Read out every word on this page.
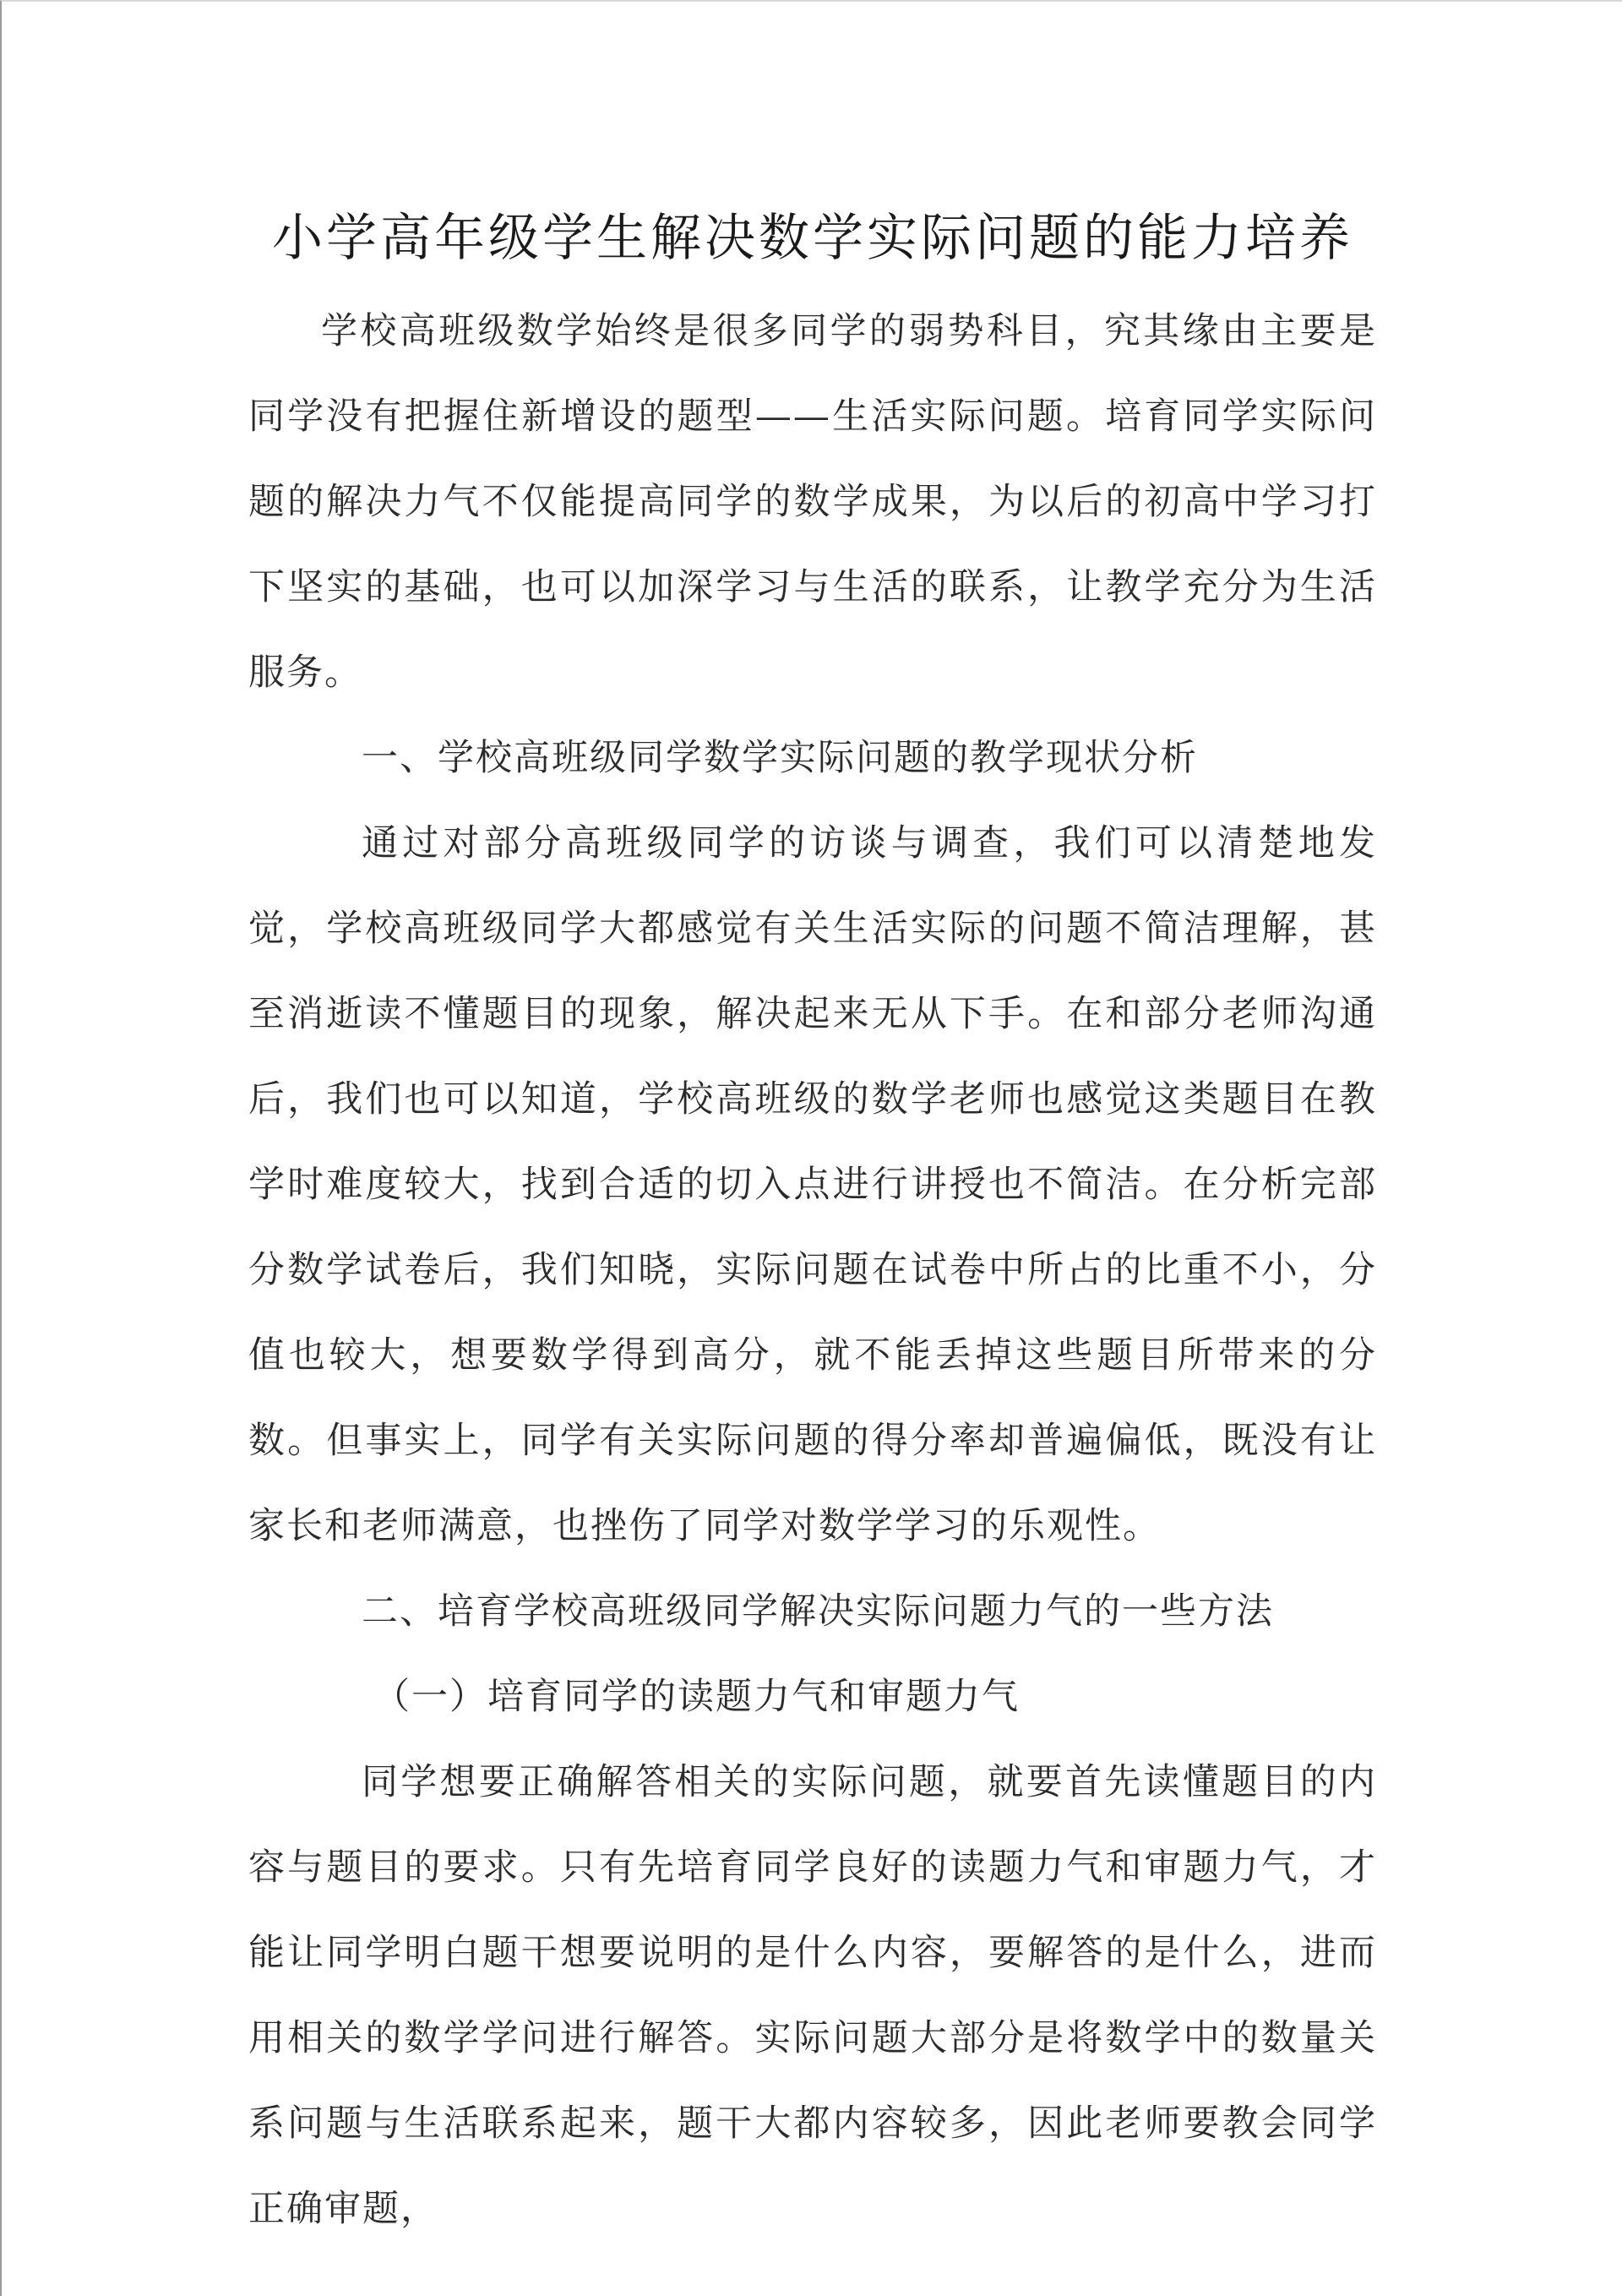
小学高年级学生解决数学实际问题的能力培养

学校高班级数学始终是很多同学的弱势科目，究其缘由主要是同学没有把握住新增设的题型——生活实际问题。培育同学实际问题的解决力气不仅能提高同学的数学成果，为以后的初高中学习打下坚实的基础，也可以加深学习与生活的联系，让教学充分为生活服务。

一、学校高班级同学数学实际问题的教学现状分析

通过对部分高班级同学的访谈与调查，我们可以清楚地发觉，学校高班级同学大都感觉有关生活实际的问题不简洁理解，甚至消逝读不懂题目的现象，解决起来无从下手。在和部分老师沟通后，我们也可以知道，学校高班级的数学老师也感觉这类题目在教学时难度较大，找到合适的切入点进行讲授也不简洁。在分析完部分数学试卷后，我们知晓，实际问题在试卷中所占的比重不小，分值也较大，想要数学得到高分，就不能丢掉这些题目所带来的分数。但事实上，同学有关实际问题的得分率却普遍偏低，既没有让家长和老师满意，也挫伤了同学对数学学习的乐观性。

二、培育学校高班级同学解决实际问题力气的一些方法

（一）培育同学的读题力气和审题力气

同学想要正确解答相关的实际问题，就要首先读懂题目的内容与题目的要求。只有先培育同学良好的读题力气和审题力气，才能让同学明白题干想要说明的是什么内容，要解答的是什么，进而用相关的数学学问进行解答。实际问题大部分是将数学中的数量关系问题与生活联系起来，题干大都内容较多，因此老师要教会同学正确审题，
